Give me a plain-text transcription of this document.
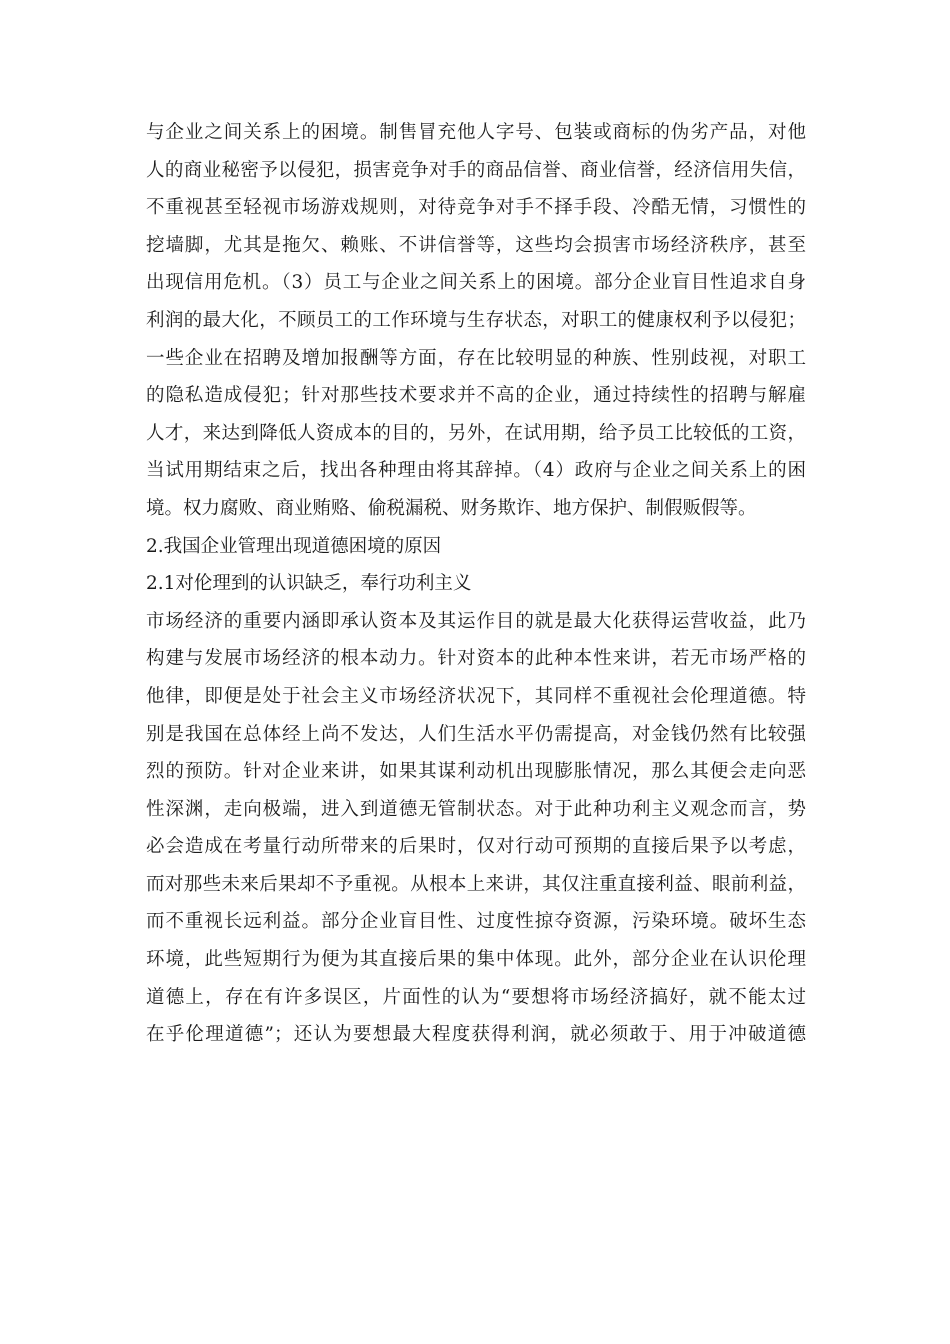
与企业之间关系上的困境。制售冒充他人字号、包装或商标的伪劣产品，对他
人的商业秘密予以侵犯，损害竞争对手的商品信誉、商业信誉，经济信用失信，
不重视甚至轻视市场游戏规则，对待竞争对手不择手段、冷酷无情，习惯性的
挖墙脚，尤其是拖欠、赖账、不讲信誉等，这些均会损害市场经济秩序，甚至
出现信用危机。（3）员工与企业之间关系上的困境。部分企业盲目性追求自身
利润的最大化，不顾员工的工作环境与生存状态，对职工的健康权利予以侵犯；
一些企业在招聘及增加报酬等方面，存在比较明显的种族、性别歧视，对职工
的隐私造成侵犯；针对那些技术要求并不高的企业，通过持续性的招聘与解雇
人才，来达到降低人资成本的目的，另外，在试用期，给予员工比较低的工资，
当试用期结束之后，找出各种理由将其辞掉。（4）政府与企业之间关系上的困
境。权力腐败、商业贿赂、偷税漏税、财务欺诈、地方保护、制假贩假等。
2.我国企业管理出现道德困境的原因
2.1对伦理到的认识缺乏，奉行功利主义
市场经济的重要内涵即承认资本及其运作目的就是最大化获得运营收益，此乃
构建与发展市场经济的根本动力。针对资本的此种本性来讲，若无市场严格的
他律，即便是处于社会主义市场经济状况下，其同样不重视社会伦理道德。特
别是我国在总体经上尚不发达，人们生活水平仍需提高，对金钱仍然有比较强
烈的预防。针对企业来讲，如果其谋利动机出现膨胀情况，那么其便会走向恶
性深渊，走向极端，进入到道德无管制状态。对于此种功利主义观念而言，势
必会造成在考量行动所带来的后果时，仅对行动可预期的直接后果予以考虑，
而对那些未来后果却不予重视。从根本上来讲，其仅注重直接利益、眼前利益，
而不重视长远利益。部分企业盲目性、过度性掠夺资源，污染环境。破坏生态
环境，此些短期行为便为其直接后果的集中体现。此外，部分企业在认识伦理
道德上，存在有许多误区，片面性的认为“要想将市场经济搞好，就不能太过
在乎伦理道德”；还认为要想最大程度获得利润，就必须敢于、用于冲破道德
